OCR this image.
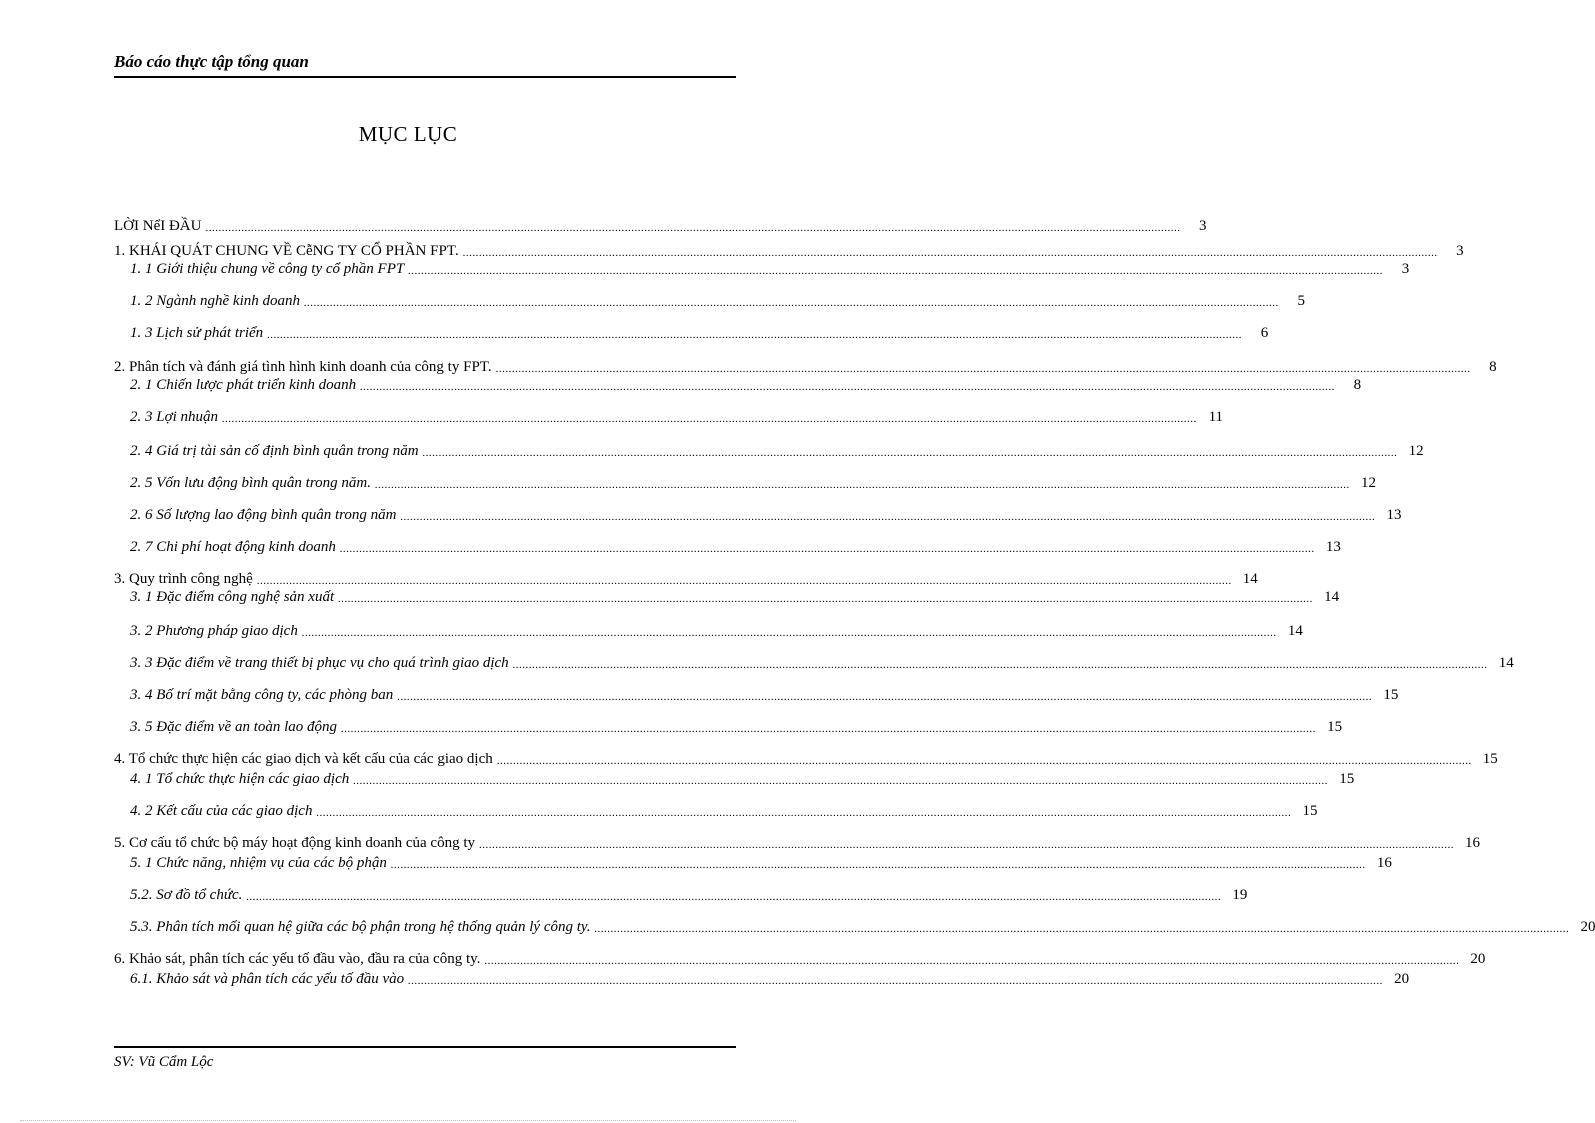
Báo cáo thực tập tổng quan
MỤC LỤC
LỜI NểI ĐẦU ............................................................................................................................................................................................................................................................................................................	3
1. KHÁI QUÁT CHUNG VỀ CễNG TY CỔ PHẦN FPT. ............................................................................................................................................................................................................................................................................................................	3
1. 1 Giới thiệu chung về công ty cổ phần FPT ............................................................................................................................................................................................................................................................................................................	3
1. 2 Ngành nghề kinh doanh ............................................................................................................................................................................................................................................................................................................	5
1. 3 Lịch sử phát triển ............................................................................................................................................................................................................................................................................................................	6
2. Phân tích và đánh giá tình hình kinh doanh của công ty FPT. ............................................................................................................................................................................................................................................................................................................	8
2. 1 Chiến lược phát triển kinh doanh ............................................................................................................................................................................................................................................................................................................	8
2. 3 Lợi nhuận ............................................................................................................................................................................................................................................................................................................ 11
2. 4 Giá trị tài sản cố định bình quân trong năm ............................................................................................................................................................................................................................................................................................................ 12
2. 5 Vốn lưu động bình quân trong năm. ............................................................................................................................................................................................................................................................................................................ 12
2. 6 Số lượng lao động bình quân trong năm ............................................................................................................................................................................................................................................................................................................ 13
2. 7 Chi phí hoạt động kinh doanh ............................................................................................................................................................................................................................................................................................................ 13
3. Quy trình công nghệ ............................................................................................................................................................................................................................................................................................................ 14
3. 1 Đặc điểm công nghệ sản xuất ............................................................................................................................................................................................................................................................................................................ 14
3. 2 Phương pháp giao dịch ............................................................................................................................................................................................................................................................................................................ 14
3. 3 Đặc điểm về trang thiết bị phục vụ cho quá trình giao dịch ............................................................................................................................................................................................................................................................................................................ 14
3. 4 Bố trí mặt bằng công ty, các phòng ban ............................................................................................................................................................................................................................................................................................................ 15
3. 5 Đặc điểm về an toàn lao động ............................................................................................................................................................................................................................................................................................................ 15
4. Tổ chức thực hiện các giao dịch và kết cấu của các giao dịch ............................................................................................................................................................................................................................................................................................................ 15
4. 1 Tổ chức thực hiện các giao dịch ............................................................................................................................................................................................................................................................................................................ 15
4. 2 Kết cấu của các giao dịch ............................................................................................................................................................................................................................................................................................................ 15
5. Cơ cấu tổ chức bộ máy hoạt động kinh doanh của công ty ............................................................................................................................................................................................................................................................................................................ 16
5. 1 Chức năng, nhiệm vụ của các bộ phận ............................................................................................................................................................................................................................................................................................................ 16
5.2. Sơ đồ tổ chức. ............................................................................................................................................................................................................................................................................................................ 19
5.3. Phân tích mối quan hệ giữa các bộ phận trong hệ thống quản lý công ty. ............................................................................................................................................................................................................................................................................................................ 20
6. Khảo sát, phân tích các yếu tố đầu vào, đầu ra của công ty. ............................................................................................................................................................................................................................................................................................................ 20
6.1. Khảo sát và phân tích các yếu tố đầu vào ............................................................................................................................................................................................................................................................................................................ 20
SV: Vũ Cẩm Lộc
